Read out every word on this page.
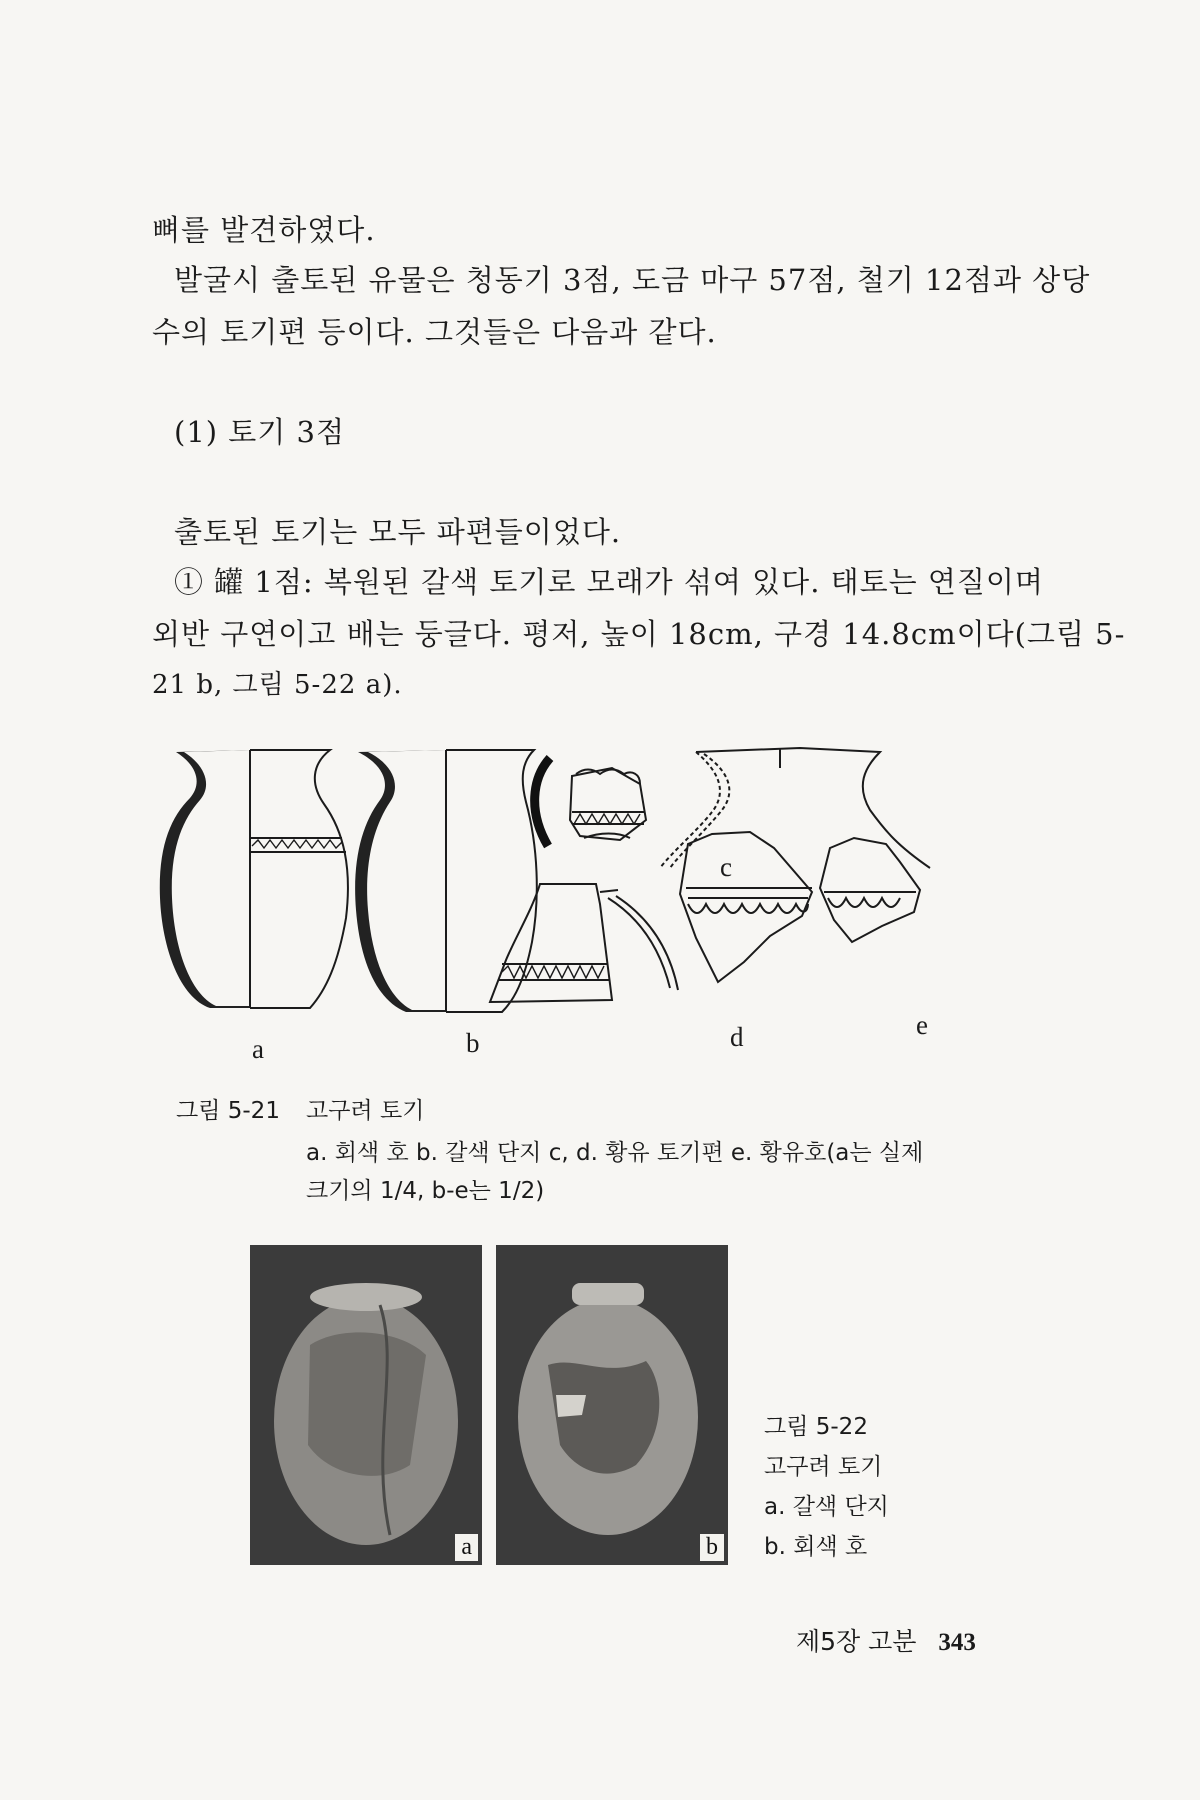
뼈를 발견하였다.
발굴시 출토된 유물은 청동기 3점, 도금 마구 57점, 철기 12점과 상당
수의 토기편 등이다. 그것들은 다음과 같다.
(1) 토기 3점
출토된 토기는 모두 파편들이었다.
① 罐 1점: 복원된 갈색 토기로 모래가 섞여 있다. 태토는 연질이며
외반 구연이고 배는 둥글다. 평저, 높이 18cm, 구경 14.8cm이다(그림 5-
21 b, 그림 5-22 a).
a	b
c
d	e
그림 5-21 고구려 토기
a. 회색 호 b. 갈색 단지 c, d. 황유 토기편 e. 황유호(a는 실제
크기의 1/4, b-e는 1/2)
a	b
그림 5-22
고구려 토기
a. 갈색 단지
b. 회색 호
제5장 고분 343
